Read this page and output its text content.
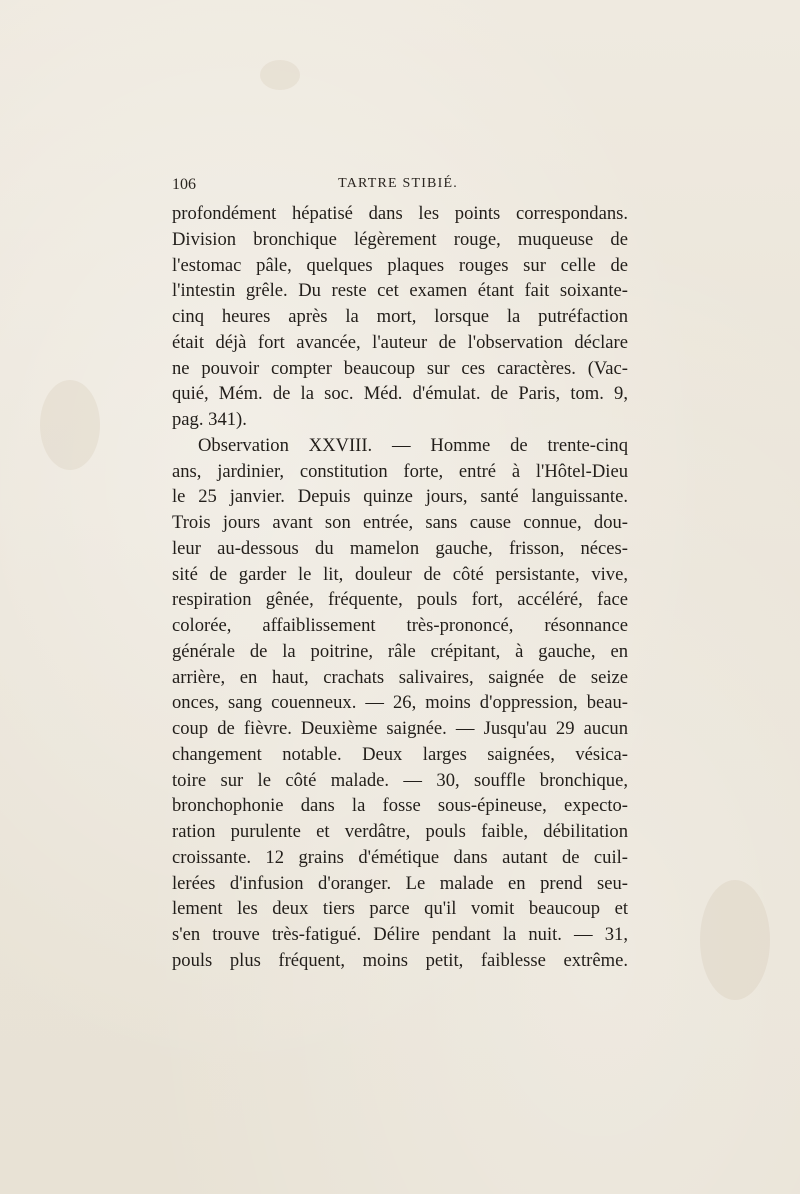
106	TARTRE STIBIÉ.
profondément hépatisé dans les points correspondans.
Division bronchique légèrement rouge, muqueuse de
l'estomac pâle, quelques plaques rouges sur celle de
l'intestin grêle. Du reste cet examen étant fait soixante-
cinq heures après la mort, lorsque la putréfaction
était déjà fort avancée, l'auteur de l'observation déclare
ne pouvoir compter beaucoup sur ces caractères. (Vac-
quié, Mém. de la soc. Méd. d'émulat. de Paris, tom. 9,
pag. 341).
Observation XXVIII. — Homme de trente-cinq
ans, jardinier, constitution forte, entré à l'Hôtel-Dieu
le 25 janvier. Depuis quinze jours, santé languissante.
Trois jours avant son entrée, sans cause connue, dou-
leur au-dessous du mamelon gauche, frisson, néces-
sité de garder le lit, douleur de côté persistante, vive,
respiration gênée, fréquente, pouls fort, accéléré, face
colorée, affaiblissement très-prononcé, résonnance
générale de la poitrine, râle crépitant, à gauche, en
arrière, en haut, crachats salivaires, saignée de seize
onces, sang couenneux. — 26, moins d'oppression, beau-
coup de fièvre. Deuxième saignée. — Jusqu'au 29 aucun
changement notable. Deux larges saignées, vésica-
toire sur le côté malade. — 30, souffle bronchique,
bronchophonie dans la fosse sous-épineuse, expecto-
ration purulente et verdâtre, pouls faible, débilitation
croissante. 12 grains d'émétique dans autant de cuil-
lerées d'infusion d'oranger. Le malade en prend seu-
lement les deux tiers parce qu'il vomit beaucoup et
s'en trouve très-fatigué. Délire pendant la nuit. — 31,
pouls plus fréquent, moins petit, faiblesse extrême.
